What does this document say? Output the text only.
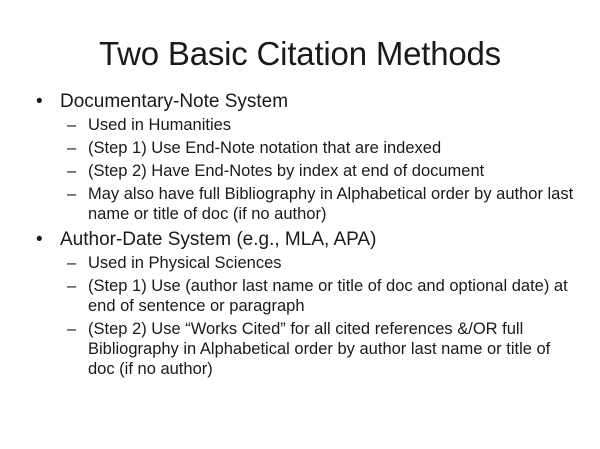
Two Basic Citation Methods
• Documentary-Note System
– Used in Humanities
– (Step 1) Use End-Note notation that are indexed
– (Step 2) Have End-Notes by index at end of document
– May also have full Bibliography in Alphabetical order by author last name or title of doc (if no author)
• Author-Date System (e.g., MLA, APA)
– Used in Physical Sciences
– (Step 1) Use (author last name or title of doc and optional date) at end of sentence or paragraph
– (Step 2) Use “Works Cited” for all cited references &/OR full Bibliography in Alphabetical order by author last name or title of doc (if no author)
